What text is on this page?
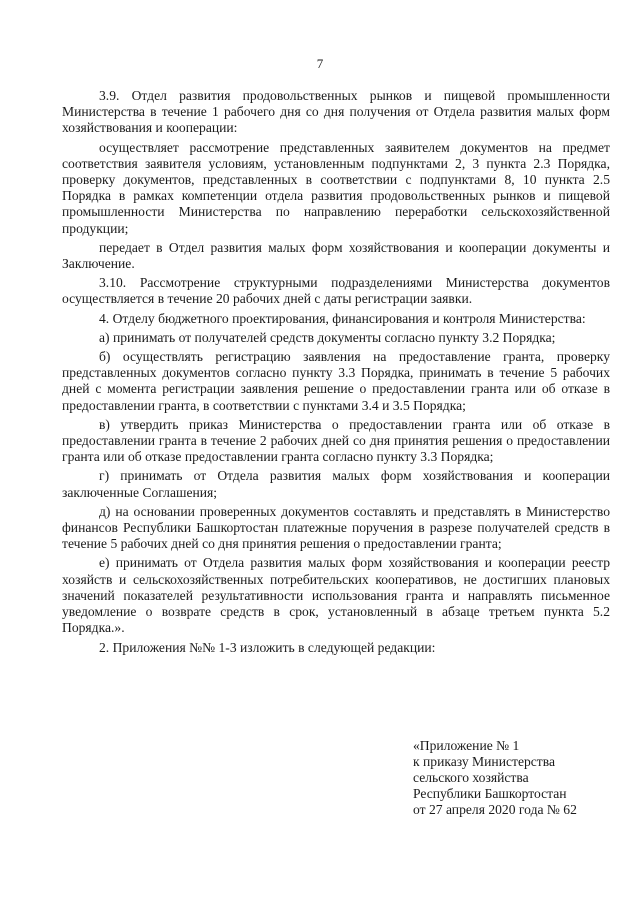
7

3.9. Отдел развития продовольственных рынков и пищевой промышленности Министерства в течение 1 рабочего дня со дня получения от Отдела развития малых форм хозяйствования и кооперации:

осуществляет рассмотрение представленных заявителем документов на предмет соответствия заявителя условиям, установленным подпунктами 2, 3 пункта 2.3 Порядка, проверку документов, представленных в соответствии с подпунктами 8, 10 пункта 2.5 Порядка в рамках компетенции отдела развития продовольственных рынков и пищевой промышленности Министерства по направлению переработки сельскохозяйственной продукции;

передает в Отдел развития малых форм хозяйствования и кооперации документы и Заключение.

3.10. Рассмотрение структурными подразделениями Министерства документов осуществляется в течение 20 рабочих дней с даты регистрации заявки.

4. Отделу бюджетного проектирования, финансирования и контроля Министерства:

а) принимать от получателей средств документы согласно пункту 3.2 Порядка;

б) осуществлять регистрацию заявления на предоставление гранта, проверку представленных документов согласно пункту 3.3 Порядка, принимать в течение 5 рабочих дней с момента регистрации заявления решение о предоставлении гранта или об отказе в предоставлении гранта, в соответствии с пунктами 3.4 и 3.5 Порядка;

в) утвердить приказ Министерства о предоставлении гранта или об отказе в предоставлении гранта в течение 2 рабочих дней со дня принятия решения о предоставлении гранта или об отказе предоставлении гранта согласно пункту 3.3 Порядка;

г) принимать от Отдела развития малых форм хозяйствования и кооперации заключенные Соглашения;

д) на основании проверенных документов составлять и представлять в Министерство финансов Республики Башкортостан платежные поручения в разрезе получателей средств в течение 5 рабочих дней со дня принятия решения о предоставлении гранта;

е) принимать от Отдела развития малых форм хозяйствования и кооперации реестр хозяйств и сельскохозяйственных потребительских кооперативов, не достигших плановых значений показателей результативности использования гранта и направлять письменное уведомление о возврате средств в срок, установленный в абзаце третьем пункта 5.2 Порядка.».

2. Приложения №№ 1-3 изложить в следующей редакции:

«Приложение № 1
к приказу Министерства
сельского хозяйства
Республики Башкортостан
от 27 апреля 2020 года № 62
